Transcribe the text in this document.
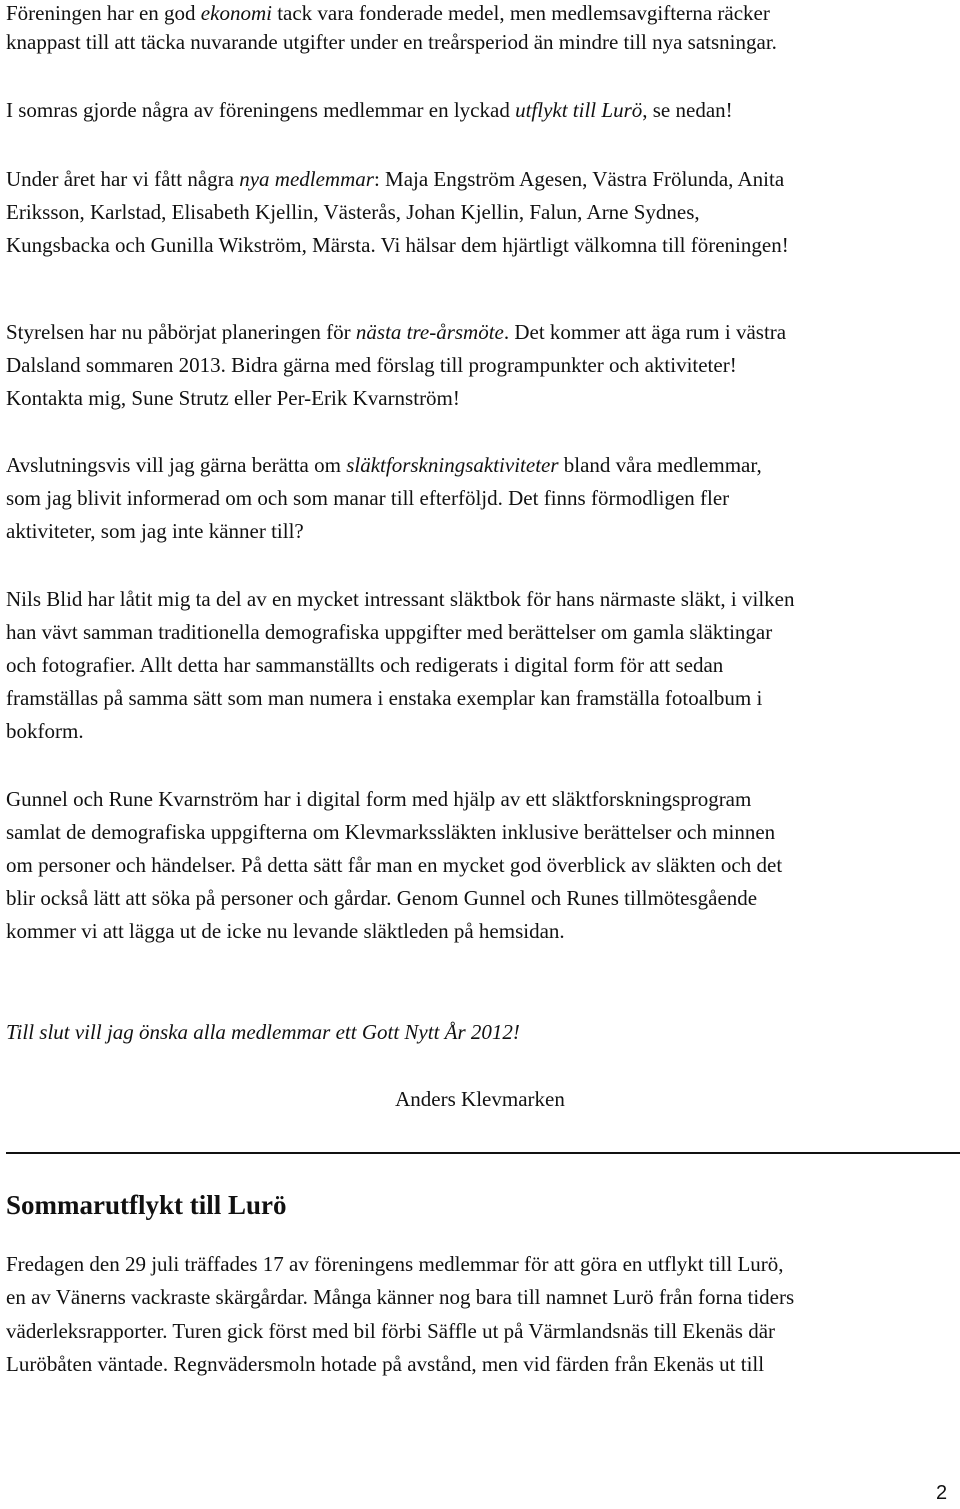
Föreningen har en god ekonomi tack vara fonderade medel, men medlemsavgifterna räcker
knappast till att täcka nuvarande utgifter under en treårsperiod än mindre till nya satsningar.
I somras gjorde några av föreningens medlemmar en lyckad utflykt till Lurö, se nedan!
Under året har vi fått några nya medlemmar: Maja Engström Agesen, Västra Frölunda, Anita
Eriksson, Karlstad, Elisabeth Kjellin, Västerås, Johan Kjellin, Falun, Arne Sydnes,
Kungsbacka och Gunilla Wikström, Märsta. Vi hälsar dem hjärtligt välkomna till föreningen!
Styrelsen har nu påbörjat planeringen för nästa tre-årsmöte. Det kommer att äga rum i västra
Dalsland sommaren 2013. Bidra gärna med förslag till programpunkter och aktiviteter!
Kontakta mig, Sune Strutz eller Per-Erik Kvarnström!
Avslutningsvis vill jag gärna berätta om släktforskningsaktiviteter bland våra medlemmar,
som jag blivit informerad om och som manar till efterföljd. Det finns förmodligen fler
aktiviteter, som jag inte känner till?
Nils Blid har låtit mig ta del av en mycket intressant släktbok för hans närmaste släkt, i vilken
han vävt samman traditionella demografiska uppgifter med berättelser om gamla släktingar
och fotografier. Allt detta har sammanställts och redigerats i digital form för att sedan
framställas på samma sätt som man numera i enstaka exemplar kan framställa fotoalbum i
bokform.
Gunnel och Rune Kvarnström har i digital form med hjälp av ett släktforskningsprogram
samlat de demografiska uppgifterna om Klevmarkssläkten inklusive berättelser och minnen
om personer och händelser. På detta sätt får man en mycket god överblick av släkten och det
blir också lätt att söka på personer och gårdar. Genom Gunnel och Runes tillmötesgående
kommer vi att lägga ut de icke nu levande släktleden på hemsidan.
Till slut vill jag önska alla medlemmar ett Gott Nytt År 2012!
Anders Klevmarken
Sommarutflykt till Lurö
Fredagen den 29 juli träffades 17 av föreningens medlemmar för att göra en utflykt till Lurö,
en av Vänerns vackraste skärgårdar. Många känner nog bara till namnet Lurö från forna tiders
väderleksrapporter. Turen gick först med bil förbi Säffle ut på Värmlandsnäs till Ekenäs där
Luröbåten väntade. Regnvädersmoln hotade på avstånd, men vid färden från Ekenäs ut till
2
